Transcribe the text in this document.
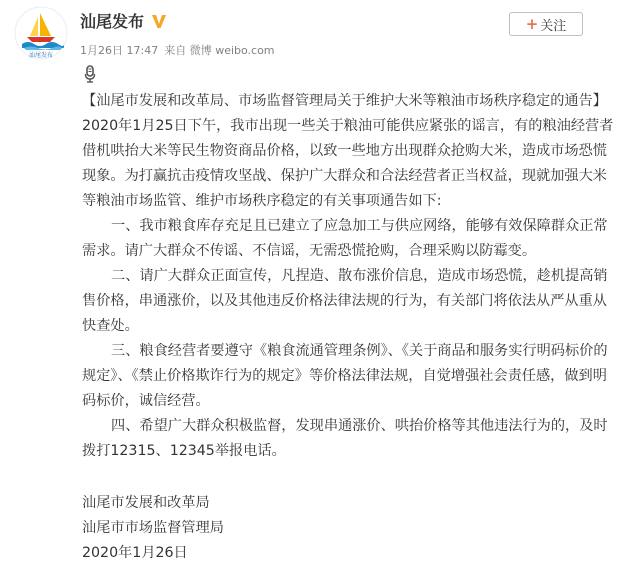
汕尾发布
汕尾发布	+ 关注
1月26日 17:47 来自 微博 weibo.com

【汕尾市发展和改革局、市场监督管理局关于维护大米等粮油市场秩序稳定的通告】

2020年1月25日下午，我市出现一些关于粮油可能供应紧张的谣言，有的粮油经营者借机哄抬大米等民生物资商品价格，以致一些地方出现群众抢购大米，造成市场恐慌现象。为打赢抗击疫情攻坚战、保护广大群众和合法经营者正当权益，现就加强大米等粮油市场监管、维护市场秩序稳定的有关事项通告如下:

一、我市粮食库存充足且已建立了应急加工与供应网络，能够有效保障群众正常需求。请广大群众不传谣、不信谣，无需恐慌抢购，合理采购以防霉变。

二、请广大群众正面宣传，凡捏造、散布涨价信息，造成市场恐慌，趁机提高销售价格，串通涨价，以及其他违反价格法律法规的行为，有关部门将依法从严从重从快查处。

三、粮食经营者要遵守《粮食流通管理条例》、《关于商品和服务实行明码标价的规定》、《禁止价格欺诈行为的规定》等价格法律法规，自觉增强社会责任感，做到明码标价，诚信经营。

四、希望广大群众积极监督，发现串通涨价、哄抬价格等其他违法行为的，及时拨打12315、12345举报电话。

汕尾市发展和改革局

汕尾市市场监督管理局

2020年1月26日
